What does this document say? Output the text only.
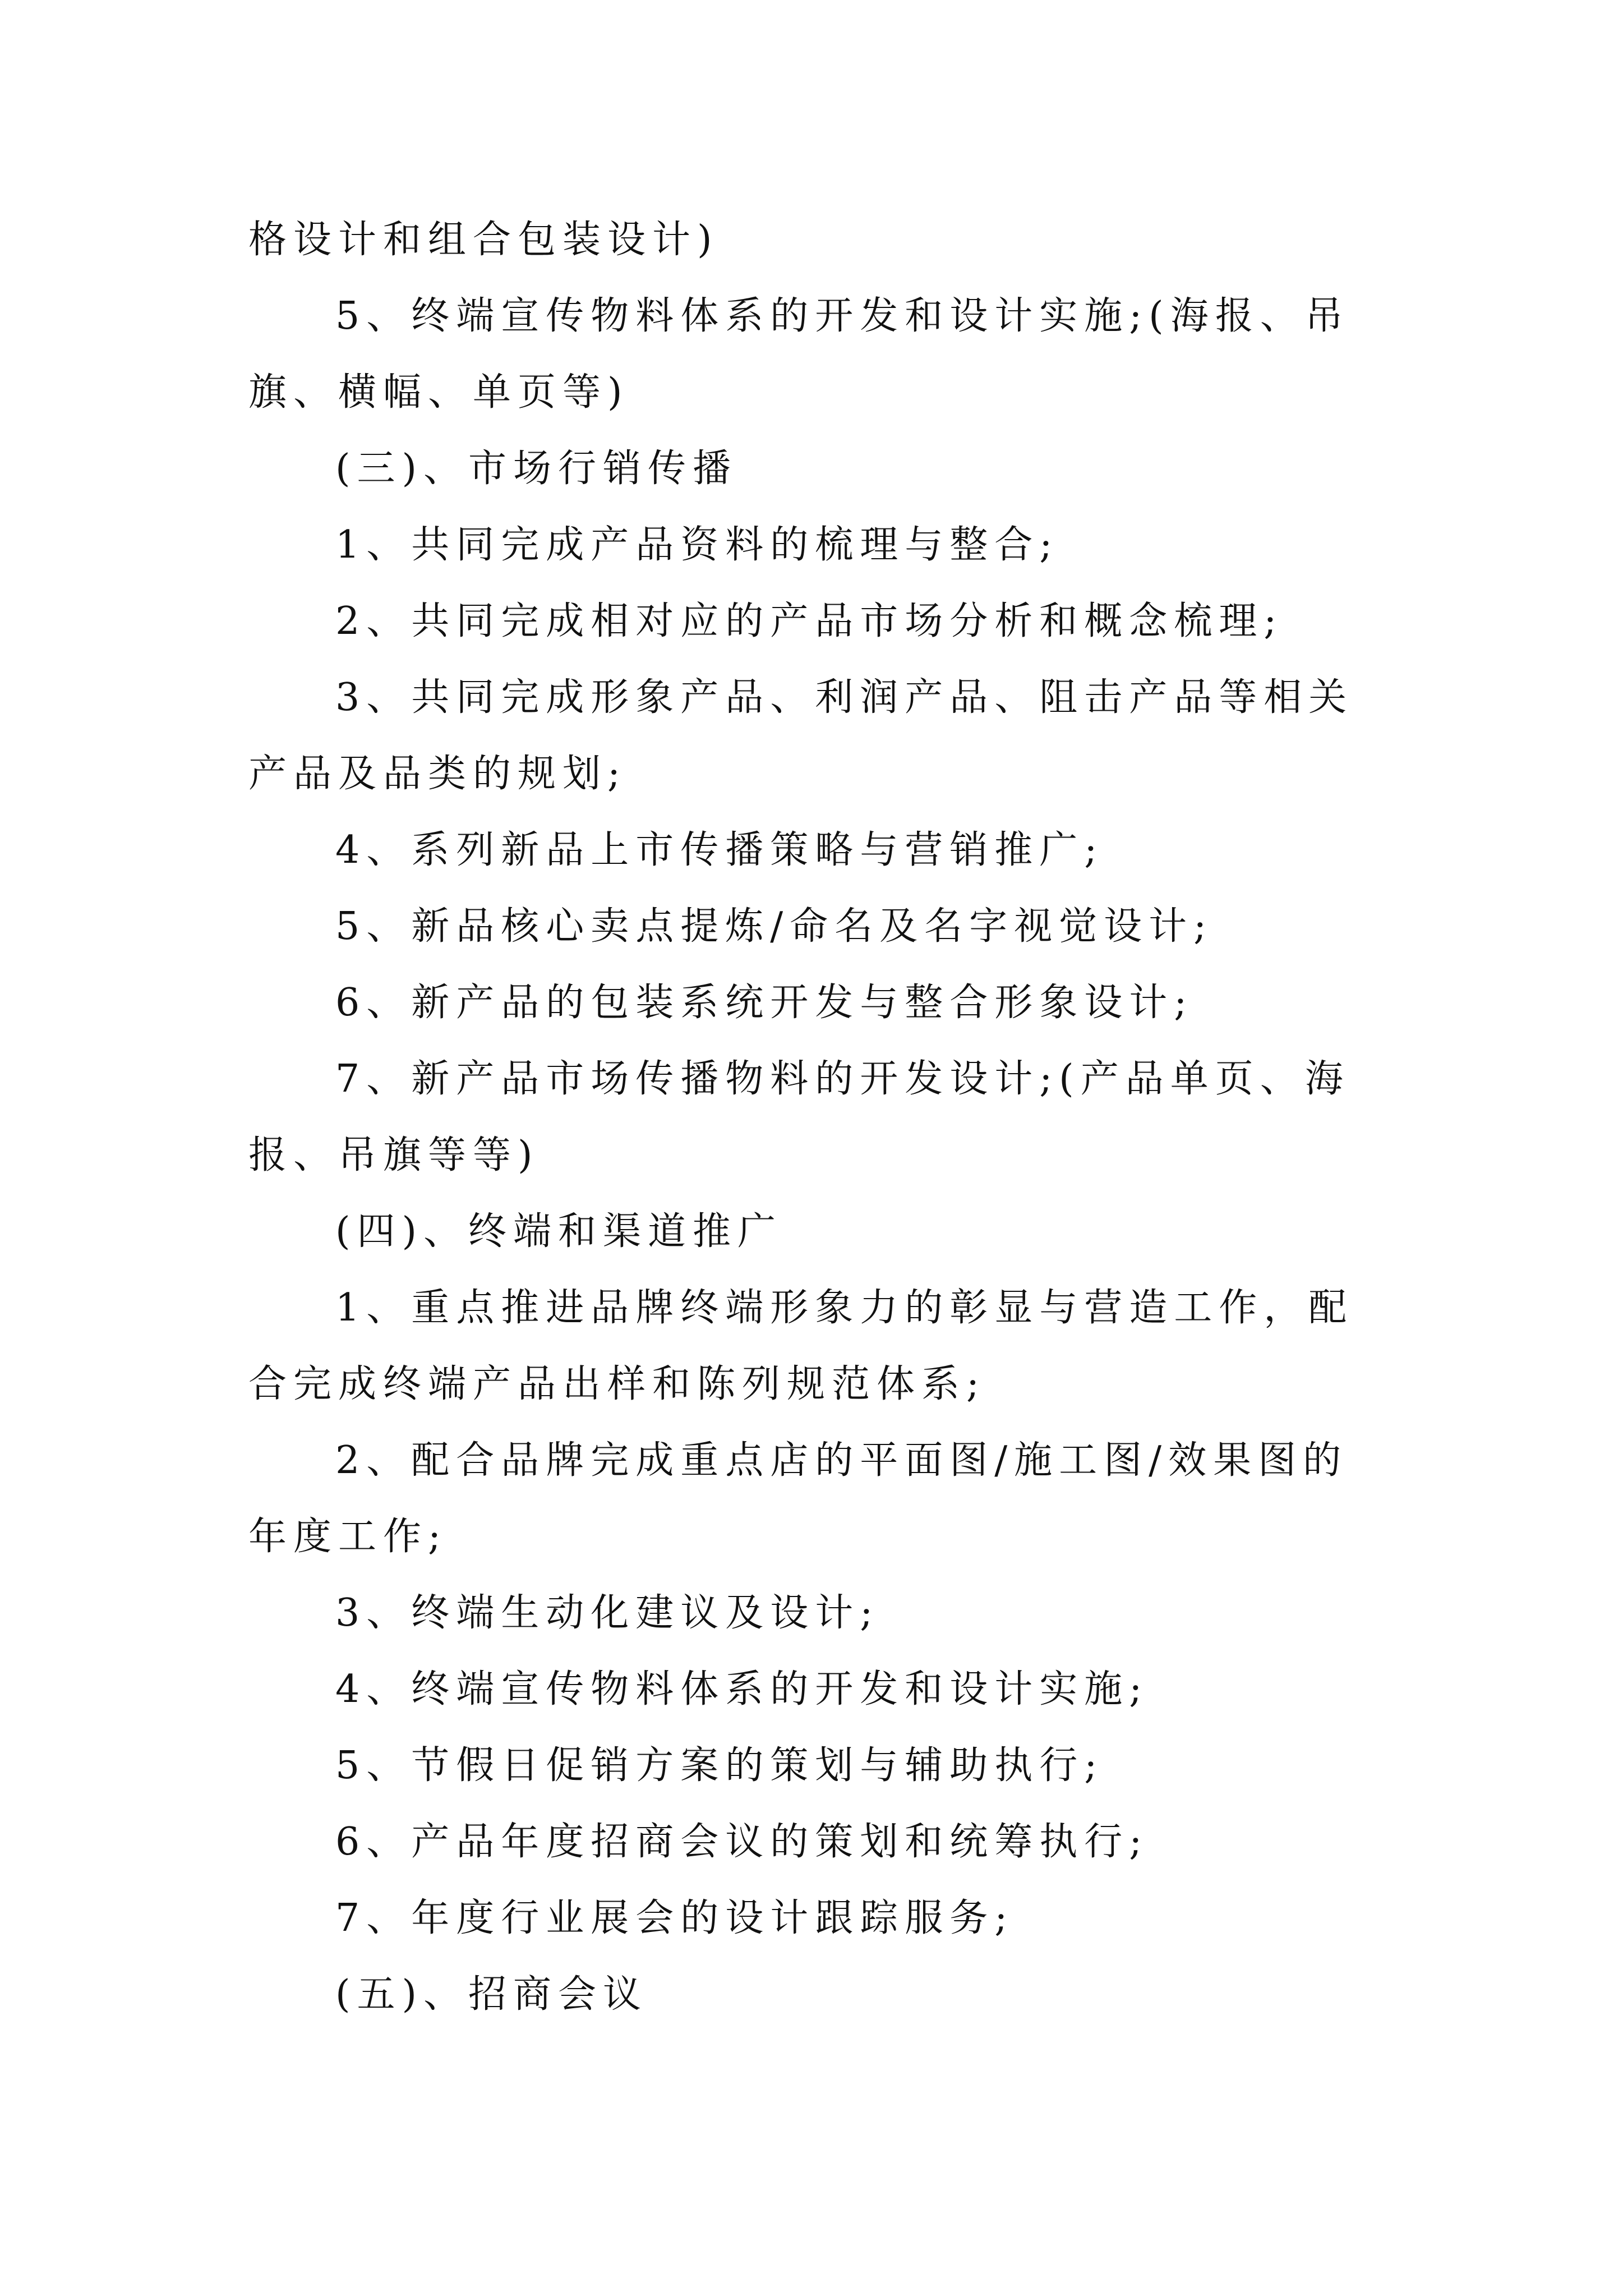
格设计和组合包装设计)

5、终端宣传物料体系的开发和设计实施;(海报、吊旗、横幅、单页等)

(三)、市场行销传播

1、共同完成产品资料的梳理与整合;

2、共同完成相对应的产品市场分析和概念梳理;

3、共同完成形象产品、利润产品、阻击产品等相关产品及品类的规划;

4、系列新品上市传播策略与营销推广;

5、新品核心卖点提炼/命名及名字视觉设计;

6、新产品的包装系统开发与整合形象设计;

7、新产品市场传播物料的开发设计;(产品单页、海报、吊旗等等)

(四)、终端和渠道推广

1、重点推进品牌终端形象力的彰显与营造工作，配合完成终端产品出样和陈列规范体系;

2、配合品牌完成重点店的平面图/施工图/效果图的年度工作;

3、终端生动化建议及设计;

4、终端宣传物料体系的开发和设计实施;

5、节假日促销方案的策划与辅助执行;

6、产品年度招商会议的策划和统筹执行;

7、年度行业展会的设计跟踪服务;

(五)、招商会议
